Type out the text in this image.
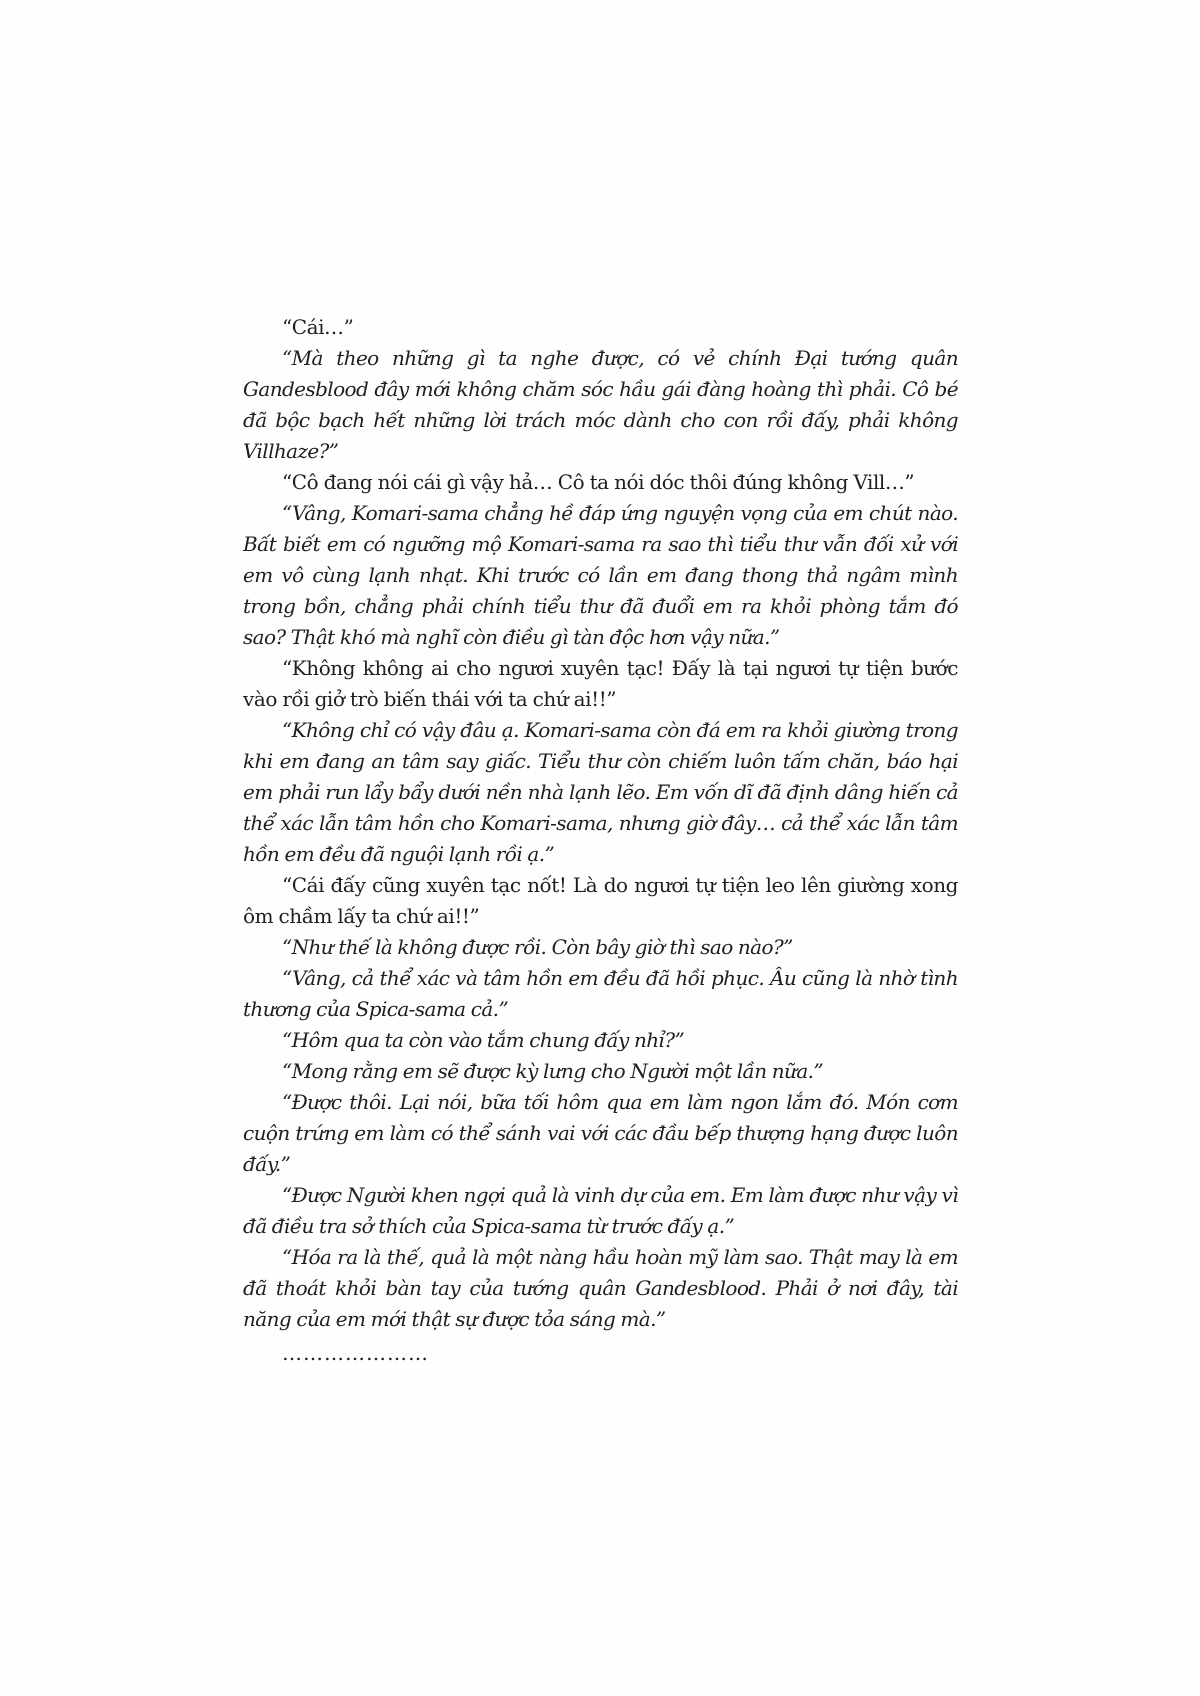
“Cái…”

“Mà theo những gì ta nghe được, có vẻ chính Đại tướng quân Gandesblood đây mới không chăm sóc hầu gái đàng hoàng thì phải. Cô bé đã bộc bạch hết những lời trách móc dành cho con rồi đấy, phải không Villhaze?”

“Cô đang nói cái gì vậy hả… Cô ta nói dóc thôi đúng không Vill…”

“Vâng, Komari-sama chẳng hề đáp ứng nguyện vọng của em chút nào. Bất biết em có ngưỡng mộ Komari-sama ra sao thì tiểu thư vẫn đối xử với em vô cùng lạnh nhạt. Khi trước có lần em đang thong thả ngâm mình trong bồn, chẳng phải chính tiểu thư đã đuổi em ra khỏi phòng tắm đó sao? Thật khó mà nghĩ còn điều gì tàn độc hơn vậy nữa.”

“Không không ai cho ngươi xuyên tạc! Đấy là tại ngươi tự tiện bước vào rồi giở trò biến thái với ta chứ ai!!”

“Không chỉ có vậy đâu ạ. Komari-sama còn đá em ra khỏi giường trong khi em đang an tâm say giấc. Tiểu thư còn chiếm luôn tấm chăn, báo hại em phải run lẩy bẩy dưới nền nhà lạnh lẽo. Em vốn dĩ đã định dâng hiến cả thể xác lẫn tâm hồn cho Komari-sama, nhưng giờ đây… cả thể xác lẫn tâm hồn em đều đã nguội lạnh rồi ạ.”

“Cái đấy cũng xuyên tạc nốt! Là do ngươi tự tiện leo lên giường xong ôm chầm lấy ta chứ ai!!”

“Như thế là không được rồi. Còn bây giờ thì sao nào?”

“Vâng, cả thể xác và tâm hồn em đều đã hồi phục. Âu cũng là nhờ tình thương của Spica-sama cả.”

“Hôm qua ta còn vào tắm chung đấy nhỉ?”

“Mong rằng em sẽ được kỳ lưng cho Người một lần nữa.”

“Được thôi. Lại nói, bữa tối hôm qua em làm ngon lắm đó. Món cơm cuộn trứng em làm có thể sánh vai với các đầu bếp thượng hạng được luôn đấy.”

“Được Người khen ngợi quả là vinh dự của em. Em làm được như vậy vì đã điều tra sở thích của Spica-sama từ trước đấy ạ.”

“Hóa ra là thế, quả là một nàng hầu hoàn mỹ làm sao. Thật may là em đã thoát khỏi bàn tay của tướng quân Gandesblood. Phải ở nơi đây, tài năng của em mới thật sự được tỏa sáng mà.”

…………………
